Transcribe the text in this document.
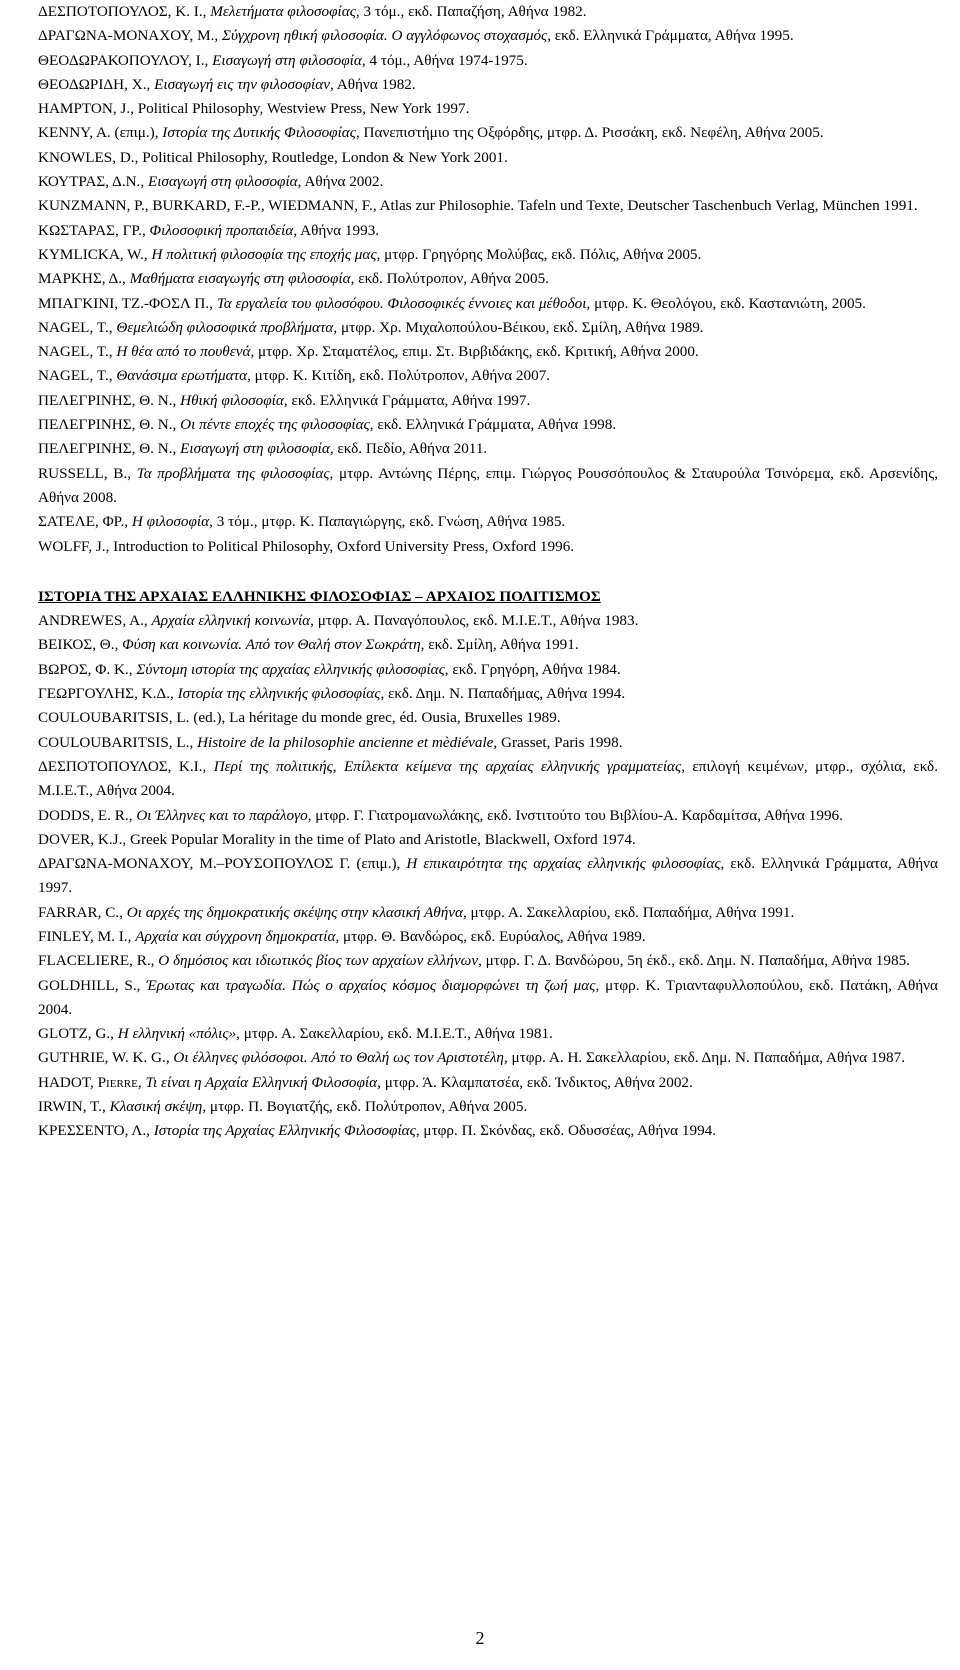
ΔΕΣΠΟΤΟΠΟΥΛΟΣ, Κ. Ι., Μελετήματα φιλοσοφίας, 3 τόμ., εκδ. Παπαζήση, Αθήνα 1982.
ΔΡΑΓΩΝΑ-ΜΟΝΑΧΟΥ, Μ., Σύγχρονη ηθική φιλοσοφία. Ο αγγλόφωνος στοχασμός, εκδ. Ελληνικά Γράμματα, Αθήνα 1995.
ΘΕΟΔΩΡΑΚΟΠΟΥΛΟΥ, Ι., Εισαγωγή στη φιλοσοφία, 4 τόμ., Αθήνα 1974-1975.
ΘΕΟΔΩΡΙΔΗ, Χ., Εισαγωγή εις την φιλοσοφίαν, Αθήνα 1982.
HAMPTON, J., Political Philosophy, Westview Press, New York 1997.
KENNY, A. (επιμ.), Ιστορία της Δυτικής Φιλοσοφίας, Πανεπιστήμιο της Οξφόρδης, μτφρ. Δ. Ρισσάκη, εκδ. Νεφέλη, Αθήνα 2005.
KNOWLES, D., Political Philosophy, Routledge, London & New York 2001.
ΚΟΥΤΡΑΣ, Δ.Ν., Εισαγωγή στη φιλοσοφία, Αθήνα 2002.
KUNZMANN, P., BURKARD, F.-P., WIEDMANN, F., Atlas zur Philosophie. Tafeln und Texte, Deutscher Taschenbuch Verlag, München 1991.
ΚΩΣΤΑΡΑΣ, ΓΡ., Φιλοσοφική προπαιδεία, Αθήνα 1993.
KYMLICKA, W., Η πολιτική φιλοσοφία της εποχής μας, μτφρ. Γρηγόρης Μολύβας, εκδ. Πόλις, Αθήνα 2005.
ΜΑΡΚΗΣ, Δ., Μαθήματα εισαγωγής στη φιλοσοφία, εκδ. Πολύτροπον, Αθήνα 2005.
ΜΠΑΓΚΙΝΙ, ΤΖ.-ΦΟΣΛ Π., Τα εργαλεία του φιλοσόφου. Φιλοσοφικές έννοιες και μέθοδοι, μτφρ. Κ. Θεολόγου, εκδ. Καστανιώτη, 2005.
NAGEL, T., Θεμελιώδη φιλοσοφικά προβλήματα, μτφρ. Χρ. Μιχαλοπούλου-Βέικου, εκδ. Σμίλη, Αθήνα 1989.
NAGEL, T., Η θέα από το πουθενά, μτφρ. Χρ. Σταματέλος, επιμ. Στ. Βιρβιδάκης, εκδ. Κριτική, Αθήνα 2000.
NAGEL, T., Θανάσιμα ερωτήματα, μτφρ. Κ. Κιτίδη, εκδ. Πολύτροπον, Αθήνα 2007.
ΠΕΛΕΓΡΙΝΗΣ, Θ. Ν., Ηθική φιλοσοφία, εκδ. Ελληνικά Γράμματα, Αθήνα 1997.
ΠΕΛΕΓΡΙΝΗΣ, Θ. Ν., Οι πέντε εποχές της φιλοσοφίας, εκδ. Ελληνικά Γράμματα, Αθήνα 1998.
ΠΕΛΕΓΡΙΝΗΣ, Θ. Ν., Εισαγωγή στη φιλοσοφία, εκδ. Πεδίο, Αθήνα 2011.
RUSSELL, B., Τα προβλήματα της φιλοσοφίας, μτφρ. Αντώνης Πέρης, επιμ. Γιώργος Ρουσσόπουλος & Σταυρούλα Τσινόρεμα, εκδ. Αρσενίδης, Αθήνα 2008.
ΣΑΤΕΛΕ, ΦΡ., Η φιλοσοφία, 3 τόμ., μτφρ. Κ. Παπαγιώργης, εκδ. Γνώση, Αθήνα 1985.
WOLFF, J., Introduction to Political Philosophy, Oxford University Press, Oxford 1996.
ΙΣΤΟΡΙΑ ΤΗΣ ΑΡΧΑΙΑΣ ΕΛΛΗΝΙΚΗΣ ΦΙΛΟΣΟΦΙΑΣ – ΑΡΧΑΙΟΣ ΠΟΛΙΤΙΣΜΟΣ
ANDREWES, A., Αρχαία ελληνική κοινωνία, μτφρ. Α. Παναγόπουλος, εκδ. Μ.Ι.Ε.Τ., Αθήνα 1983.
ΒΕΙΚΟΣ, Θ., Φύση και κοινωνία. Από τον Θαλή στον Σωκράτη, εκδ. Σμίλη, Αθήνα 1991.
ΒΩΡΟΣ, Φ. Κ., Σύντομη ιστορία της αρχαίας ελληνικής φιλοσοφίας, εκδ. Γρηγόρη, Αθήνα 1984.
ΓΕΩΡΓΟΥΛΗΣ, Κ.Δ., Ιστορία της ελληνικής φιλοσοφίας, εκδ. Δημ. Ν. Παπαδήμας, Αθήνα 1994.
COULOUBARITSIS, L. (ed.), La héritage du monde grec, éd. Ousia, Bruxelles 1989.
COULOUBARITSIS, L., Histoire de la philosophie ancienne et mèdiévale, Grasset, Paris 1998.
ΔΕΣΠΟΤΟΠΟΥΛΟΣ, Κ.Ι., Περί της πολιτικής, Επίλεκτα κείμενα της αρχαίας ελληνικής γραμματείας, επιλογή κειμένων, μτφρ., σχόλια, εκδ. Μ.Ι.Ε.Τ., Αθήνα 2004.
DODDS, E. R., Οι Έλληνες και το παράλογο, μτφρ. Γ. Γιατρομανωλάκης, εκδ. Ινστιτούτο του Βιβλίου-Α. Καρδαμίτσα, Αθήνα 1996.
DOVER, K.J., Greek Popular Morality in the time of Plato and Aristotle, Blackwell, Oxford 1974.
ΔΡΑΓΩΝΑ-ΜΟΝΑΧΟΥ, Μ.–ΡΟΥΣΟΠΟΥΛΟΣ Γ. (επιμ.), Η επικαιρότητα της αρχαίας ελληνικής φιλοσοφίας, εκδ. Ελληνικά Γράμματα, Αθήνα 1997.
FARRAR, C., Οι αρχές της δημοκρατικής σκέψης στην κλασική Αθήνα, μτφρ. Α. Σακελλαρίου, εκδ. Παπαδήμα, Αθήνα 1991.
FINLEY, M. I., Αρχαία και σύγχρονη δημοκρατία, μτφρ. Θ. Βανδώρος, εκδ. Ευρύαλος, Αθήνα 1989.
FLACELIERE, R., Ο δημόσιος και ιδιωτικός βίος των αρχαίων ελλήνων, μτφρ. Γ. Δ. Βανδώρου, 5η έκδ., εκδ. Δημ. Ν. Παπαδήμα, Αθήνα 1985.
GOLDHILL, S., Έρωτας και τραγωδία. Πώς ο αρχαίος κόσμος διαμορφώνει τη ζωή μας, μτφρ. Κ. Τριανταφυλλοπούλου, εκδ. Πατάκη, Αθήνα 2004.
GLOTZ, G., Η ελληνική «πόλις», μτφρ. Α. Σακελλαρίου, εκδ. Μ.Ι.Ε.Τ., Αθήνα 1981.
GUTHRIE, W. K. G., Οι έλληνες φιλόσοφοι. Από το Θαλή ως τον Αριστοτέλη, μτφρ. Α. Η. Σακελλαρίου, εκδ. Δημ. Ν. Παπαδήμα, Αθήνα 1987.
HADOT, Pierre, Τι είναι η Αρχαία Ελληνική Φιλοσοφία, μτφρ. Ά. Κλαμπατσέα, εκδ. Ίνδικτος, Αθήνα 2002.
IRWIN, T., Κλασική σκέψη, μτφρ. Π. Βογιατζής, εκδ. Πολύτροπον, Αθήνα 2005.
ΚΡΕΣΣΕΝΤΟ, Λ., Ιστορία της Αρχαίας Ελληνικής Φιλοσοφίας, μτφρ. Π. Σκόνδας, εκδ. Οδυσσέας, Αθήνα 1994.
2
